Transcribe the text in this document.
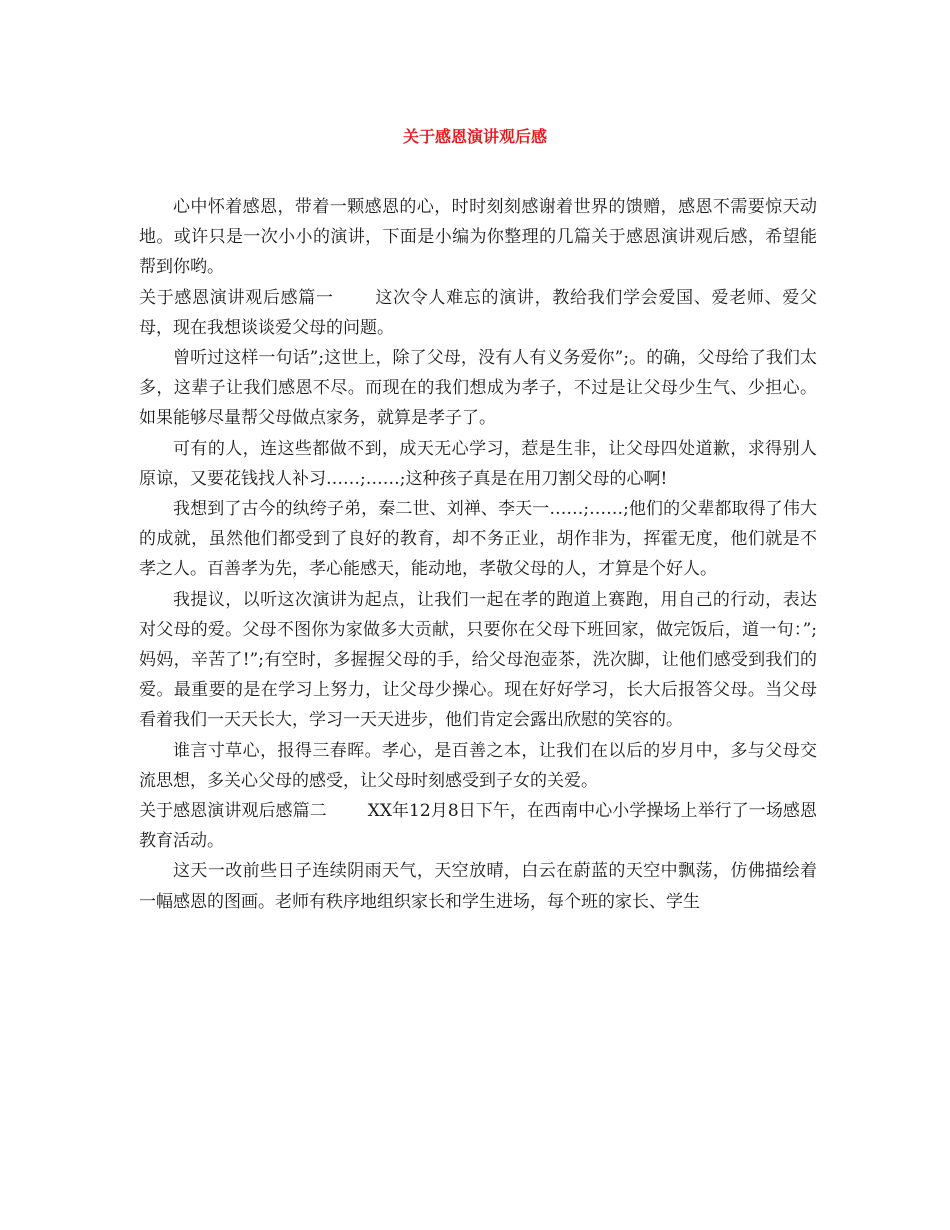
关于感恩演讲观后感

心中怀着感恩，带着一颗感恩的心，时时刻刻感谢着世界的馈赠，感恩不需要惊天动地。或许只是一次小小的演讲，下面是小编为你整理的几篇关于感恩演讲观后感，希望能帮到你哟。

关于感恩演讲观后感篇一 这次令人难忘的演讲，教给我们学会爱国、爱老师、爱父母，现在我想谈谈爱父母的问题。

曾听过这样一句话”;这世上，除了父母，没有人有义务爱你”;。的确，父母给了我们太多，这辈子让我们感恩不尽。而现在的我们想成为孝子，不过是让父母少生气、少担心。如果能够尽量帮父母做点家务，就算是孝子了。

可有的人，连这些都做不到，成天无心学习，惹是生非，让父母四处道歉，求得别人原谅，又要花钱找人补习……;……;这种孩子真是在用刀割父母的心啊!

我想到了古今的纨绔子弟，秦二世、刘禅、李天一……;……;他们的父辈都取得了伟大的成就，虽然他们都受到了良好的教育，却不务正业，胡作非为，挥霍无度，他们就是不孝之人。百善孝为先，孝心能感天，能动地，孝敬父母的人，才算是个好人。

我提议，以听这次演讲为起点，让我们一起在孝的跑道上赛跑，用自己的行动，表达对父母的爱。父母不图你为家做多大贡献，只要你在父母下班回家，做完饭后，道一句：”;妈妈，辛苦了!”;有空时，多握握父母的手，给父母泡壶茶，洗次脚，让他们感受到我们的爱。最重要的是在学习上努力，让父母少操心。现在好好学习，长大后报答父母。当父母看着我们一天天长大，学习一天天进步，他们肯定会露出欣慰的笑容的。

谁言寸草心，报得三春晖。孝心，是百善之本，让我们在以后的岁月中，多与父母交流思想，多关心父母的感受，让父母时刻感受到子女的关爱。

关于感恩演讲观后感篇二 XX年12月8日下午，在西南中心小学操场上举行了一场感恩教育活动。

这天一改前些日子连续阴雨天气，天空放晴，白云在蔚蓝的天空中飘荡，仿佛描绘着一幅感恩的图画。老师有秩序地组织家长和学生进场，每个班的家长、学生
